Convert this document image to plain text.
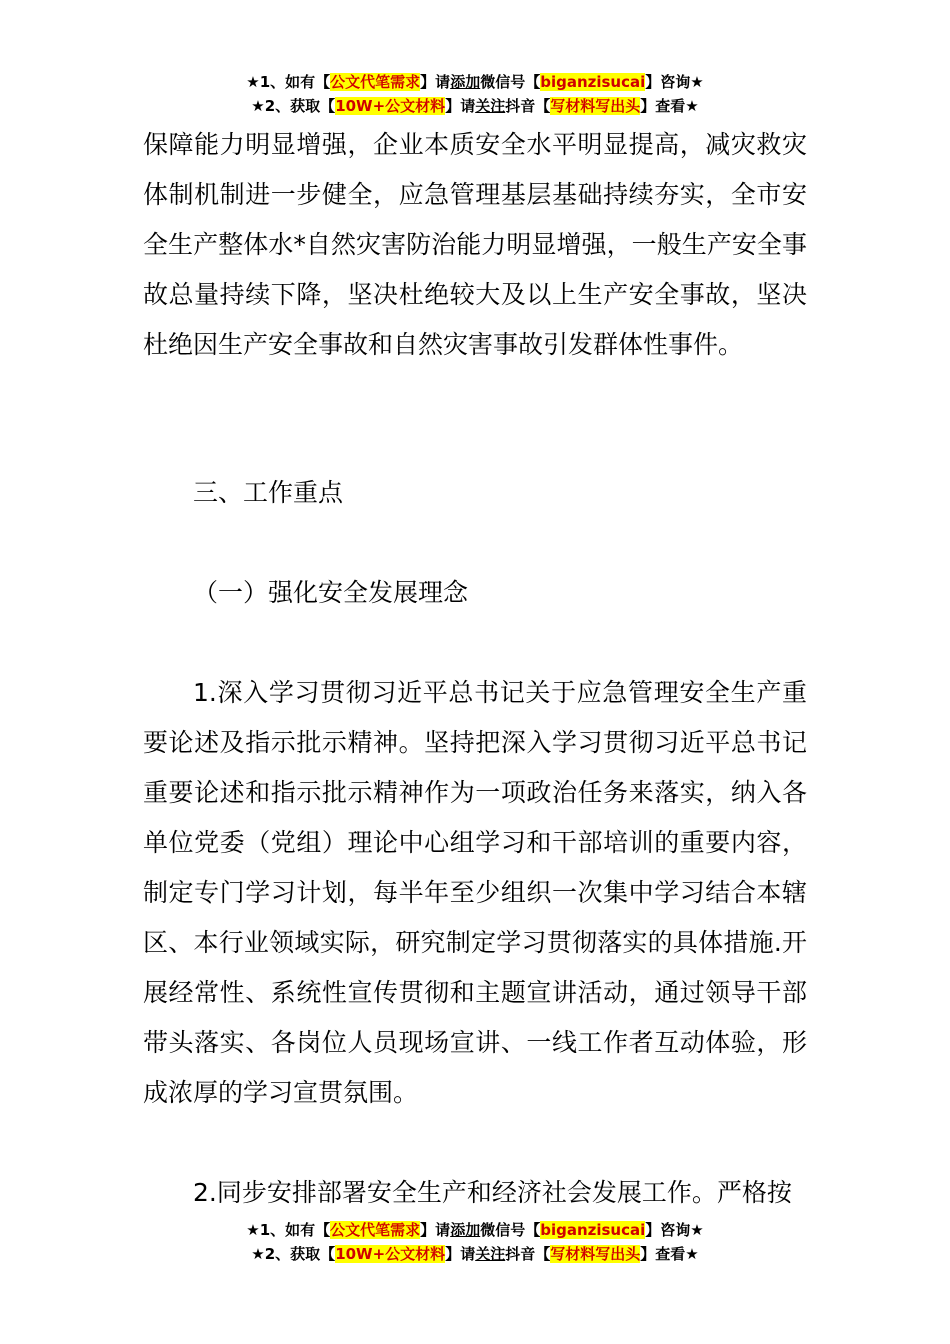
★1、如有【公文代笔需求】请添加微信号【biganzisucai】咨询★
★2、获取【10W+公文材料】请关注抖音【写材料写出头】查看★

保障能力明显增强，企业本质安全水平明显提高，减灾救灾体制机制进一步健全，应急管理基层基础持续夯实，全市安全生产整体水*自然灾害防治能力明显增强，一般生产安全事故总量持续下降，坚决杜绝较大及以上生产安全事故，坚决杜绝因生产安全事故和自然灾害事故引发群体性事件。

三、工作重点

（一）强化安全发展理念

1.深入学习贯彻习近平总书记关于应急管理安全生产重要论述及指示批示精神。坚持把深入学习贯彻习近平总书记重要论述和指示批示精神作为一项政治任务来落实，纳入各单位党委（党组）理论中心组学习和干部培训的重要内容，制定专门学习计划，每半年至少组织一次集中学习结合本辖区、本行业领域实际，研究制定学习贯彻落实的具体措施.开展经常性、系统性宣传贯彻和主题宣讲活动，通过领导干部带头落实、各岗位人员现场宣讲、一线工作者互动体验，形成浓厚的学习宣贯氛围。

2.同步安排部署安全生产和经济社会发展工作。严格按

★1、如有【公文代笔需求】请添加微信号【biganzisucai】咨询★
★2、获取【10W+公文材料】请关注抖音【写材料写出头】查看★
